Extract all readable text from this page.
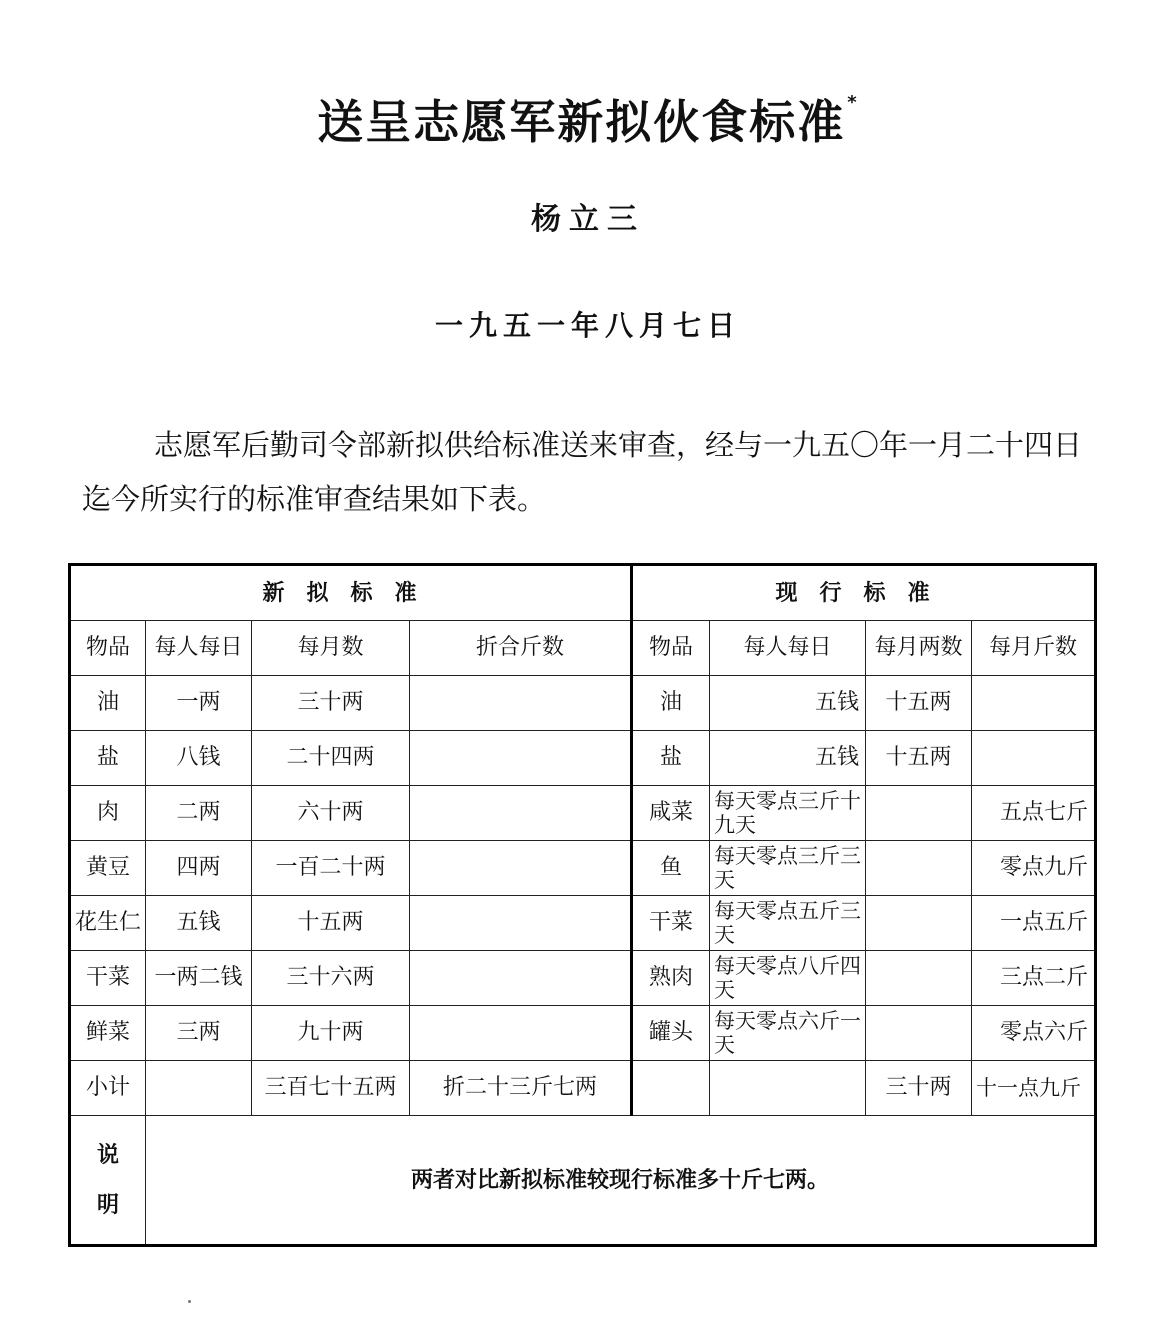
送呈志愿军新拟伙食标准 *
杨立三
一九五一年八月七日
志愿军后勤司令部新拟供给标准送来审查，经与一九五〇年一月二十四日迄今所实行的标准审查结果如下表。
新拟标准				现行标准			
物品	每人每日	每月数	折合斤数	物品	每人每日	每月两数	每月斤数
油	一两	三十两		油	五钱	十五两	
盐	八钱	二十四两		盐	五钱	十五两	
肉	二两	六十两		咸菜	每天零点三斤十九天		五点七斤
黄豆	四两	一百二十两		鱼	每天零点三斤三天		零点九斤
花生仁	五钱	十五两		干菜	每天零点五斤三天		一点五斤
干菜	一两二钱	三十六两		熟肉	每天零点八斤四天		三点二斤
鲜菜	三两	九十两		罐头	每天零点六斤一天		零点六斤
小计		三百七十五两	折二十三斤七两			三十两	十一点九斤

说明	两者对比新拟标准较现行标准多十斤七两。						
